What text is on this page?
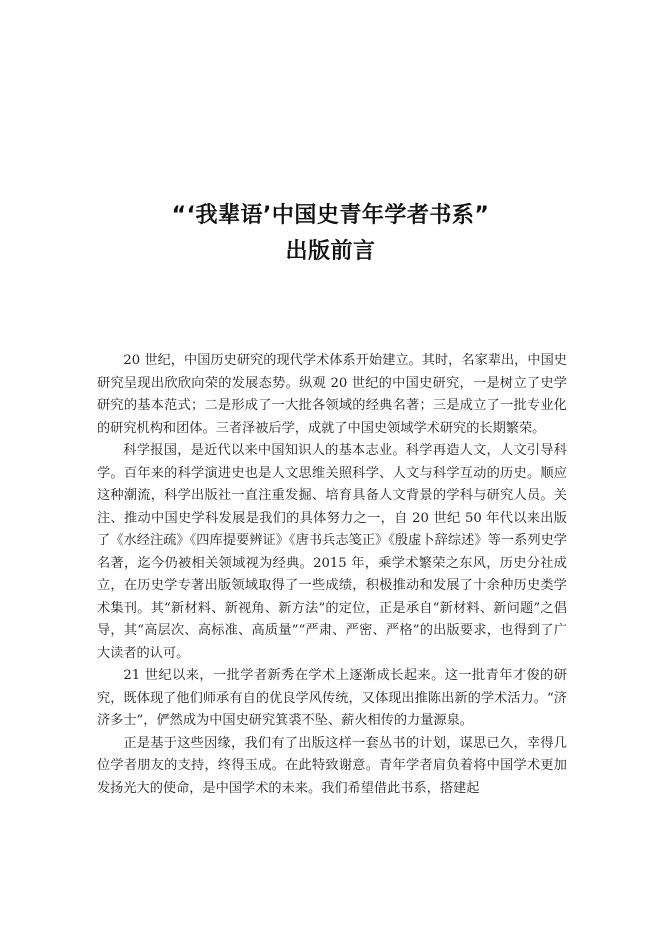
“‘我辈语’中国史青年学者书系”
出版前言

20 世纪，中国历史研究的现代学术体系开始建立。其时，名家辈出，中国史研究呈现出欣欣向荣的发展态势。纵观 20 世纪的中国史研究，一是树立了史学研究的基本范式；二是形成了一大批各领域的经典名著；三是成立了一批专业化的研究机构和团体。三者泽被后学，成就了中国史领域学术研究的长期繁荣。

科学报国，是近代以来中国知识人的基本志业。科学再造人文，人文引导科学。百年来的科学演进史也是人文思维关照科学、人文与科学互动的历史。顺应这种潮流，科学出版社一直注重发掘、培育具备人文背景的学科与研究人员。关注、推动中国史学科发展是我们的具体努力之一，自 20 世纪 50 年代以来出版了《水经注疏》《四库提要辨证》《唐书兵志笺正》《殷虚卜辞综述》等一系列史学名著，迄今仍被相关领域视为经典。2015 年，乘学术繁荣之东风，历史分社成立，在历史学专著出版领域取得了一些成绩，积极推动和发展了十余种历史类学术集刊。其“新材料、新视角、新方法”的定位，正是承自“新材料、新问题”之倡导，其“高层次、高标准、高质量”“严肃、严密、严格”的出版要求，也得到了广大读者的认可。

21 世纪以来，一批学者新秀在学术上逐渐成长起来。这一批青年才俊的研究，既体现了他们师承有自的优良学风传统，又体现出推陈出新的学术活力。“济济多士”，俨然成为中国史研究箕裘不坠、薪火相传的力量源泉。

正是基于这些因缘，我们有了出版这样一套丛书的计划，谋思已久，幸得几位学者朋友的支持，终得玉成。在此特致谢意。青年学者肩负着将中国学术更加发扬光大的使命，是中国学术的未来。我们希望借此书系，搭建起
